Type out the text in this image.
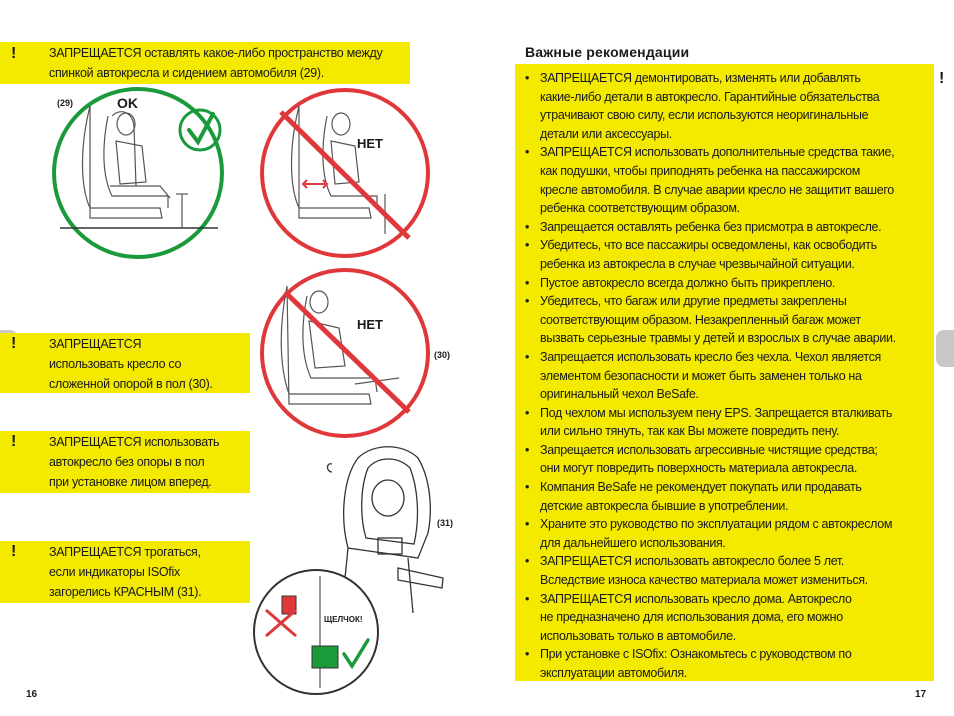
!	ЗАПРЕЩАЕТСЯ оставлять какое-либо пространство между
спинкой автокресла и сидением автомобиля (29).
!	ЗАПРЕЩАЕТСЯ
использовать кресло со
сложенной опорой в пол (30).
!	ЗАПРЕЩАЕТСЯ использовать
автокресло без опоры в пол
при установке лицом вперед.
!	ЗАПРЕЩАЕТСЯ трогаться,
если индикаторы ISOfix
загорелись КРАСНЫМ (31).
(29)	OK
НЕТ
НЕТ
(30)
(31)
ЩЕЛЧОК!
16
Важные рекомендации
!
• ЗАПРЕЩАЕТСЯ демонтировать, изменять или добавлять
какие-либо детали в автокресло. Гарантийные обязательства
утрачивают свою силу, если используются неоригинальные
детали или аксессуары.
• ЗАПРЕЩАЕТСЯ использовать дополнительные средства такие,
как подушки, чтобы приподнять ребенка на пассажирском
кресле автомобиля. В случае аварии кресло не защитит вашего
ребенка соответствующим образом.
• Запрещается оставлять ребенка без присмотра в автокресле.
• Убедитесь, что все пассажиры осведомлены, как освободить
ребенка из автокресла в случае чрезвычайной ситуации.
• Пустое автокресло всегда должно быть прикреплено.
• Убедитесь, что багаж или другие предметы закреплены
соответствующим образом. Незакрепленный багаж может
вызвать серьезные травмы у детей и взрослых в случае аварии.
• Запрещается использовать кресло без чехла. Чехол является
элементом безопасности и может быть заменен только на
оригинальный чехол BeSafe.
• Под чехлом мы используем пену EPS. Запрещается вталкивать
или сильно тянуть, так как Вы можете повредить пену.
• Запрещается использовать агрессивные чистящие средства;
они могут повредить поверхность материала автокресла.
• Компания BeSafe не рекомендует покупать или продавать
детские автокресла бывшие в употреблении.
• Храните это руководство по эксплуатации рядом с автокреслом
для дальнейшего использования.
• ЗАПРЕЩАЕТСЯ использовать автокресло более 5 лет.
Вследствие износа качество материала может измениться.
• ЗАПРЕЩАЕТСЯ использовать кресло дома. Автокресло
не предназначено для использования дома, его можно
использовать только в автомобиле.
• При установке с ISOfix: Ознакомьтесь с руководством по
эксплуатации автомобиля.
17
